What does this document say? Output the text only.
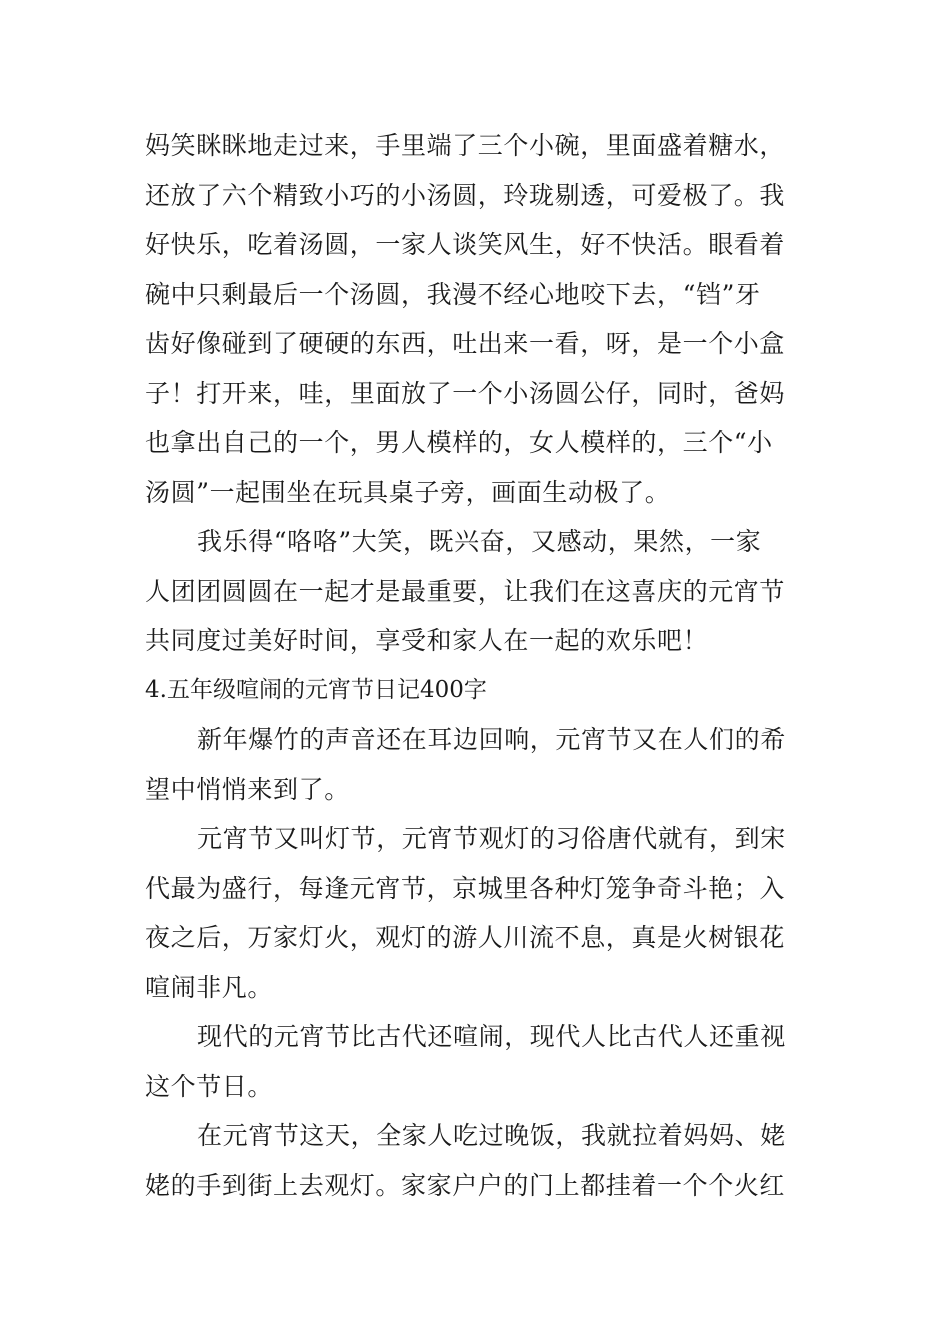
妈笑眯眯地走过来，手里端了三个小碗，里面盛着糖水，
还放了六个精致小巧的小汤圆，玲珑剔透，可爱极了。我
好快乐，吃着汤圆，一家人谈笑风生，好不快活。眼看着
碗中只剩最后一个汤圆，我漫不经心地咬下去，“铛”牙
齿好像碰到了硬硬的东西，吐出来一看，呀，是一个小盒
子！打开来，哇，里面放了一个小汤圆公仔，同时，爸妈
也拿出自己的一个，男人模样的，女人模样的，三个“小
汤圆”一起围坐在玩具桌子旁，画面生动极了。
我乐得“咯咯”大笑，既兴奋，又感动，果然，一家
人团团圆圆在一起才是最重要，让我们在这喜庆的元宵节
共同度过美好时间，享受和家人在一起的欢乐吧！
4.五年级喧闹的元宵节日记400字
新年爆竹的声音还在耳边回响，元宵节又在人们的希
望中悄悄来到了。
元宵节又叫灯节，元宵节观灯的习俗唐代就有，到宋
代最为盛行，每逢元宵节，京城里各种灯笼争奇斗艳；入
夜之后，万家灯火，观灯的游人川流不息，真是火树银花
喧闹非凡。
现代的元宵节比古代还喧闹，现代人比古代人还重视
这个节日。
在元宵节这天，全家人吃过晚饭，我就拉着妈妈、姥
姥的手到街上去观灯。家家户户的门上都挂着一个个火红
